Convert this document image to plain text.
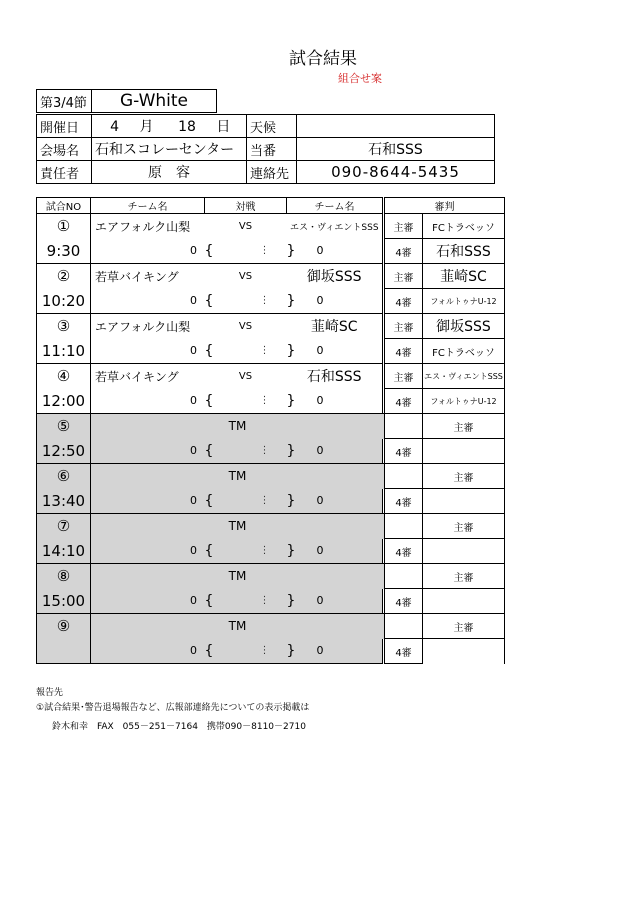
試合結果
組合せ案
第3/4節	G-White
開催日	4 月 18 日	天候	
会場名	石和スコレーセンター	当番	石和SSS
責任者	原　容	連絡先	090-8644-5435
試合NO	チーム名		対戦				チーム名			審判		
①	エアフォルク山梨		VS				エス・ヴィエントSSS			主審	FCトラベッソ	
9:30		0	{		⋮		}	0		4審	石和SSS	
②	若草バイキング		VS				御坂SSS			主審	韮崎SC	
10:20		0	{		⋮		}	0		4審	フォルトゥナU-12	
③	エアフォルク山梨		VS				韮崎SC			主審	御坂SSS	
11:10		0	{		⋮		}	0		4審	FCトラベッソ	
④	若草バイキング		VS				石和SSS			主審	エス・ヴィエントSSS	
12:00		0	{		⋮		}	0		4審	フォルトゥナU-12	
⑤	TM										主審	

12:50		0	{		⋮		}	0		4審		
⑥	TM										主審	

13:40		0	{		⋮		}	0		4審		
⑦	TM										主審	

14:10		0	{		⋮		}	0		4審		
⑧	TM										主審	

15:00		0	{		⋮		}	0		4審		
⑨	TM										主審	

		0	{		⋮		}	0		4審		
報告先
①試合結果･警告退場報告など、広報部連絡先についての表示掲載は
鈴木和幸　FAX　055－251－7164　携帯090－8110－2710
